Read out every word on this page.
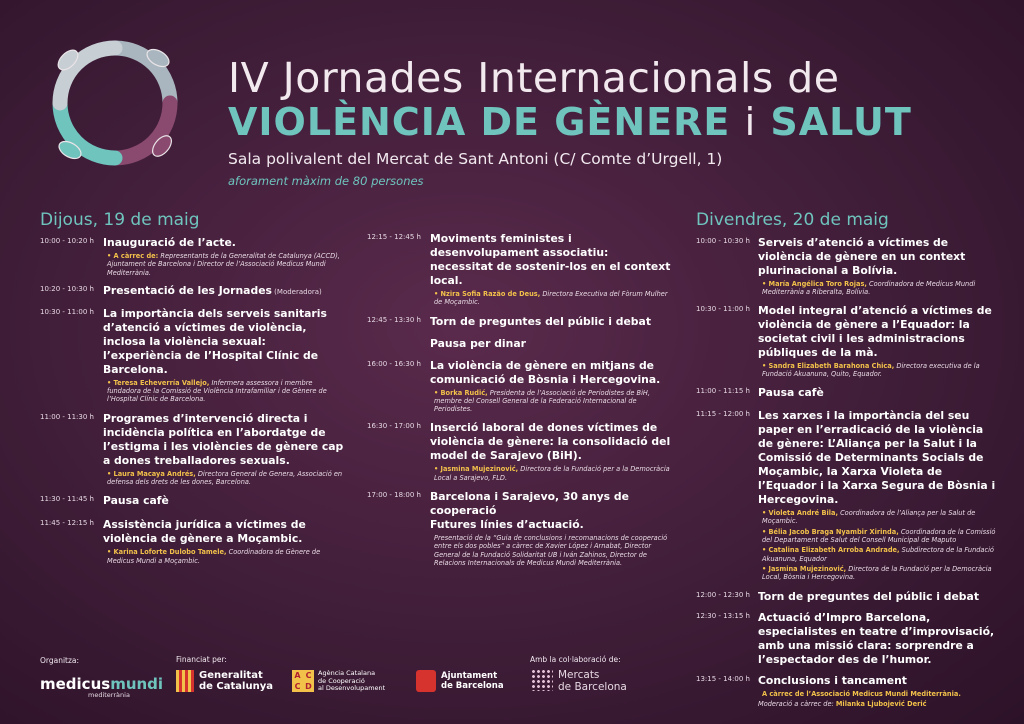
IV Jornades Internacionals de
VIOLÈNCIA DE GÈNERE i SALUT
Sala polivalent del Mercat de Sant Antoni (C/ Comte d’Urgell, 1)
aforament màxim de 80 persones
Dijous, 19 de maig	Divendres, 20 de maig
10:00 - 10:20 h Inauguració de l’acte.
• A càrrec de: Representants de la Generalitat de Catalunya (ACCD), Ajuntament de Barcelona i Director de l’Associació Medicus Mundi Mediterrània.
10:20 - 10:30 h Presentació de les Jornades (Moderadora)
10:30 - 11:00 h La importància dels serveis sanitaris d’atenció a víctimes de violència, inclosa la violència sexual: l’experiència de l’Hospital Clínic de Barcelona.
• Teresa Echeverría Vallejo, Infermera assessora i membre fundadora de la Comissió de Violència Intrafamiliar i de Gènere de l’Hospital Clínic de Barcelona.
11:00 - 11:30 h Programes d’intervenció directa i incidència política en l’abordatge de l’estigma i les violències de gènere cap a dones treballadores sexuals.
• Laura Macaya Andrés, Directora General de Genera, Associació en defensa dels drets de les dones, Barcelona.
11:30 - 11:45 h Pausa cafè
11:45 - 12:15 h Assistència jurídica a víctimes de violència de gènere a Moçambic.
• Karina Loforte Dulobo Tamele, Coordinadora de Gènere de Medicus Mundi a Moçambic.
12:15 - 12:45 h Moviments feministes i desenvolupament associatiu: necessitat de sostenir-los en el context local.
• Nzira Sofia Razão de Deus, Directora Executiva del Fòrum Mulher de Moçambic.
12:45 - 13:30 h Torn de preguntes del públic i debat
Pausa per dinar
16:00 - 16:30 h La violència de gènere en mitjans de comunicació de Bòsnia i Hercegovina.
• Borka Rudić, Presidenta de l’Associació de Periodistes de BiH, membre del Consell General de la Federació Internacional de Periodistes.
16:30 - 17:00 h Inserció laboral de dones víctimes de violència de gènere: la consolidació del model de Sarajevo (BiH).
• Jasmina Mujezinović, Directora de la Fundació per a la Democràcia Local a Sarajevo, FLD.
17:00 - 18:00 h Barcelona i Sarajevo, 30 anys de cooperació
Futures línies d’actuació.
Presentació de la “Guia de conclusions i recomanacions de cooperació entre els dos pobles” a càrrec de Xavier López i Arnabat, Director General de la Fundació Solidaritat UB i Iván Zahinos, Director de Relacions Internacionals de Medicus Mundi Mediterrània.
10:00 - 10:30 h Serveis d’atenció a víctimes de violència de gènere en un context plurinacional a Bolívia.
• María Angélica Toro Rojas, Coordinadora de Medicus Mundi Mediterrània a Riberalta, Bolívia.
10:30 - 11:00 h Model integral d’atenció a víctimes de violència de gènere a l’Equador: la societat civil i les administracions públiques de la mà.
• Sandra Elizabeth Barahona Chica, Directora executiva de la Fundació Akuanuna, Quito, Equador.
11:00 - 11:15 h Pausa cafè
11:15 - 12:00 h Les xarxes i la importància del seu paper en l’erradicació de la violència de gènere: L’Aliança per la Salut i la Comissió de Determinants Socials de Moçambic, la Xarxa Violeta de l’Equador i la Xarxa Segura de Bòsnia i Hercegovina.
• Violeta André Bila, Coordinadora de l’Aliança per la Salut de Moçambic.
• Bélia Jacob Braga Nyambir Xirinda, Coordinadora de la Comissió del Departament de Salut del Consell Municipal de Maputo
• Catalina Elizabeth Arroba Andrade, Subdirectora de la Fundació Akuanuna, Equador
• Jasmina Mujezinović, Directora de la Fundació per la Democràcia Local, Bòsnia i Hercegovina.
12:00 - 12:30 h Torn de preguntes del públic i debat
12:30 - 13:15 h Actuació d’Impro Barcelona, especialistes en teatre d’improvisació, amb una missió clara: sorprendre a l’espectador des de l’humor.
13:15 - 14:00 h Conclusions i tancament
A càrrec de l’Associació Medicus Mundi Mediterrània.
Moderació a càrrec de: Milanka Ljubojević Derić
Organitza:
medicusmundi
mediterrània
Financiat per:
Generalitat
de Catalunya
A C
C D
Agència Catalana
de Cooperació
al Desenvolupament
Ajuntament
de Barcelona
Amb la col·laboració de:
Mercats
de Barcelona
